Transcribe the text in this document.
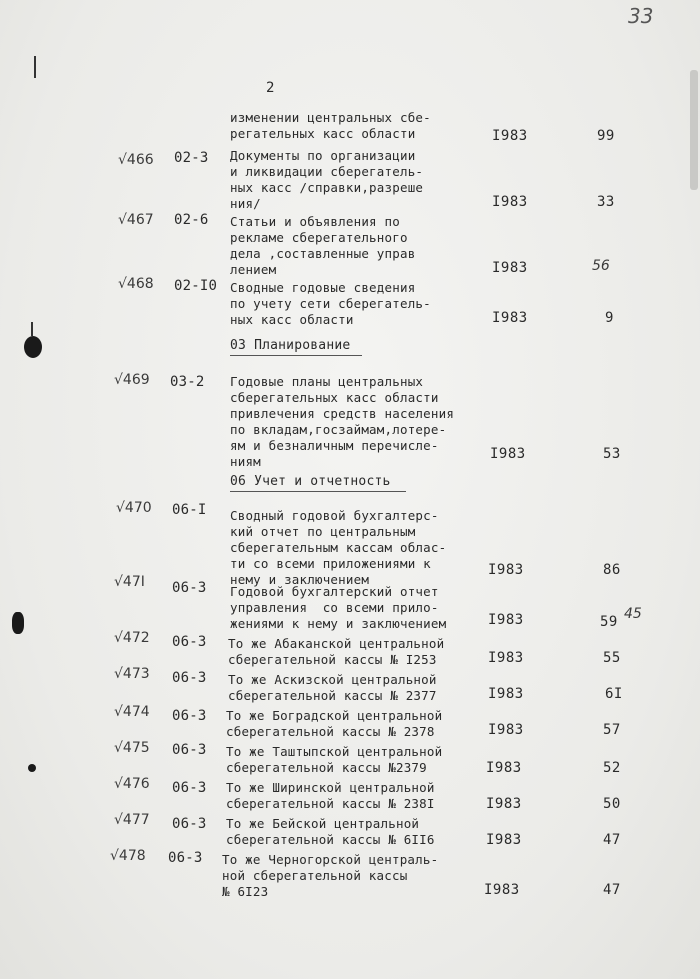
33
2
изменении центральных сбе-
регательных касс области	I983	99
√466 02-3 Документы по организации
и ликвидации сберегатель-
ных касс /справки,разреше
ния/	I983	33
√467 02-6 Статьи и объявления по
рекламе сберегательного
дела ,составленные управ
лением	I983	56
√468 02-I0 Сводные годовые сведения
по учету сети сберегатель-
ных касс области	I983	9
03 Планирование
√469 03-2 Годовые планы центральных
сберегательных касс области
привлечения средств населения
по вкладам,госзаймам,лотере-
ям и безналичным перечисле-
ниям	I983	53
06 Учет и отчетность
√470 06-I Сводный годовой бухгалтерс-
кий отчет по центральным
сберегательным кассам облас-
ти со всеми приложениями к
нему и заключением
I983	86
√47I 06-3 Годовой бухгалтерский отчет
управления  со всеми прило-
жениями к нему и заключением	I983	59 45
√472 06-3 То же Абаканской центральной
сберегательной кассы № I253	I983	55
√473 06-3 То же Аскизской центральной
сберегательной кассы № 2377	I983	6I
√474 06-3 То же Боградской центральной
сберегательной кассы № 2378	I983	57
√475 06-3 То же Таштыпской центральной
сберегательной кассы №2379	I983	52
√476 06-3 То же Ширинской центральной
сберегательной кассы № 238I	I983	50
√477 06-3 То же Бейской центральной
сберегательной кассы № 6II6	I983	47
√478 06-3 То же Черногорской централь-
ной сберегательной кассы
№ 6I23	I983	47
